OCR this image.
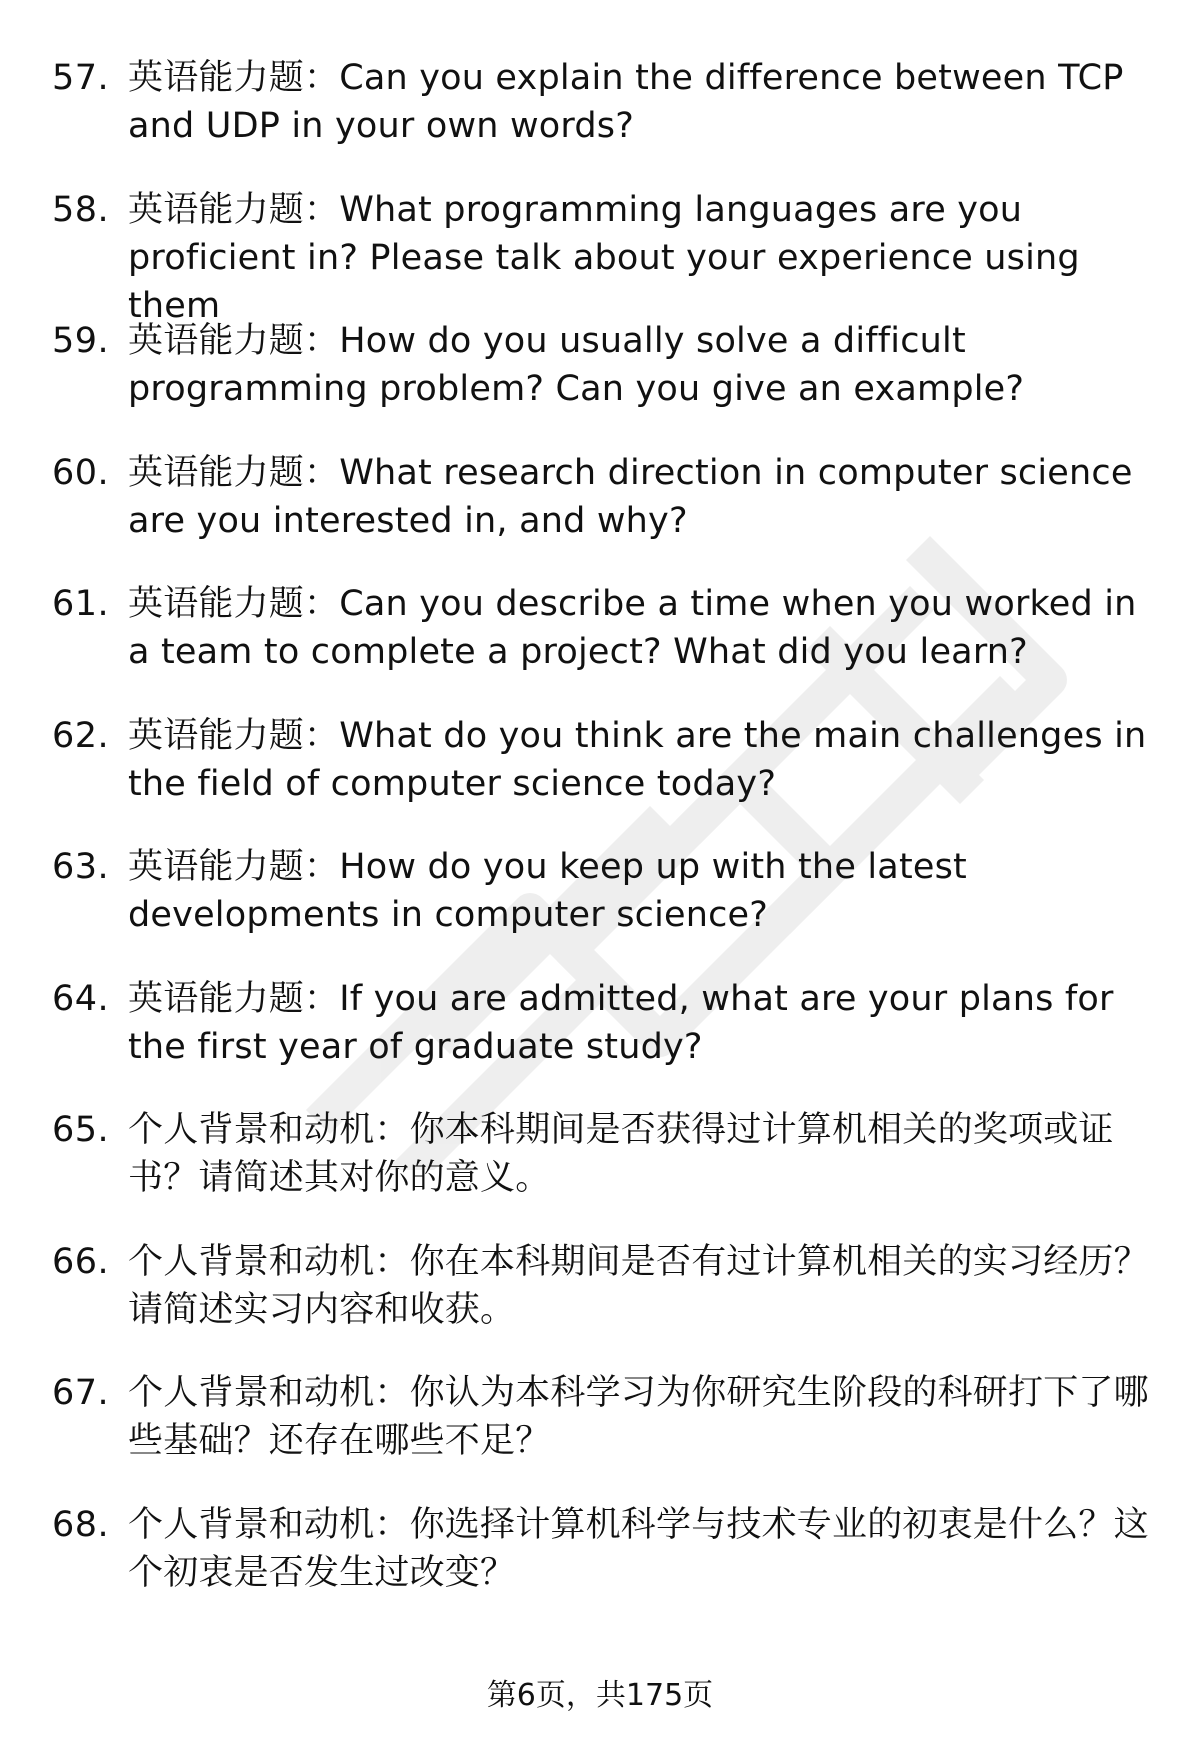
57. 英语能力题：Can you explain the difference between TCP and UDP in your own words?
58. 英语能力题：What programming languages are you proficient in? Please talk about your experience using them
59. 英语能力题：How do you usually solve a difficult programming problem? Can you give an example?
60. 英语能力题：What research direction in computer science are you interested in, and why?
61. 英语能力题：Can you describe a time when you worked in a team to complete a project? What did you learn?
62. 英语能力题：What do you think are the main challenges in the field of computer science today?
63. 英语能力题：How do you keep up with the latest developments in computer science?
64. 英语能力题：If you are admitted, what are your plans for the first year of graduate study?
65. 个人背景和动机：你本科期间是否获得过计算机相关的奖项或证书？请简述其对你的意义。
66. 个人背景和动机：你在本科期间是否有过计算机相关的实习经历？请简述实习内容和收获。
67. 个人背景和动机：你认为本科学习为你研究生阶段的科研打下了哪些基础？还存在哪些不足？
68. 个人背景和动机：你选择计算机科学与技术专业的初衷是什么？这个初衷是否发生过改变？
第6页，共175页
